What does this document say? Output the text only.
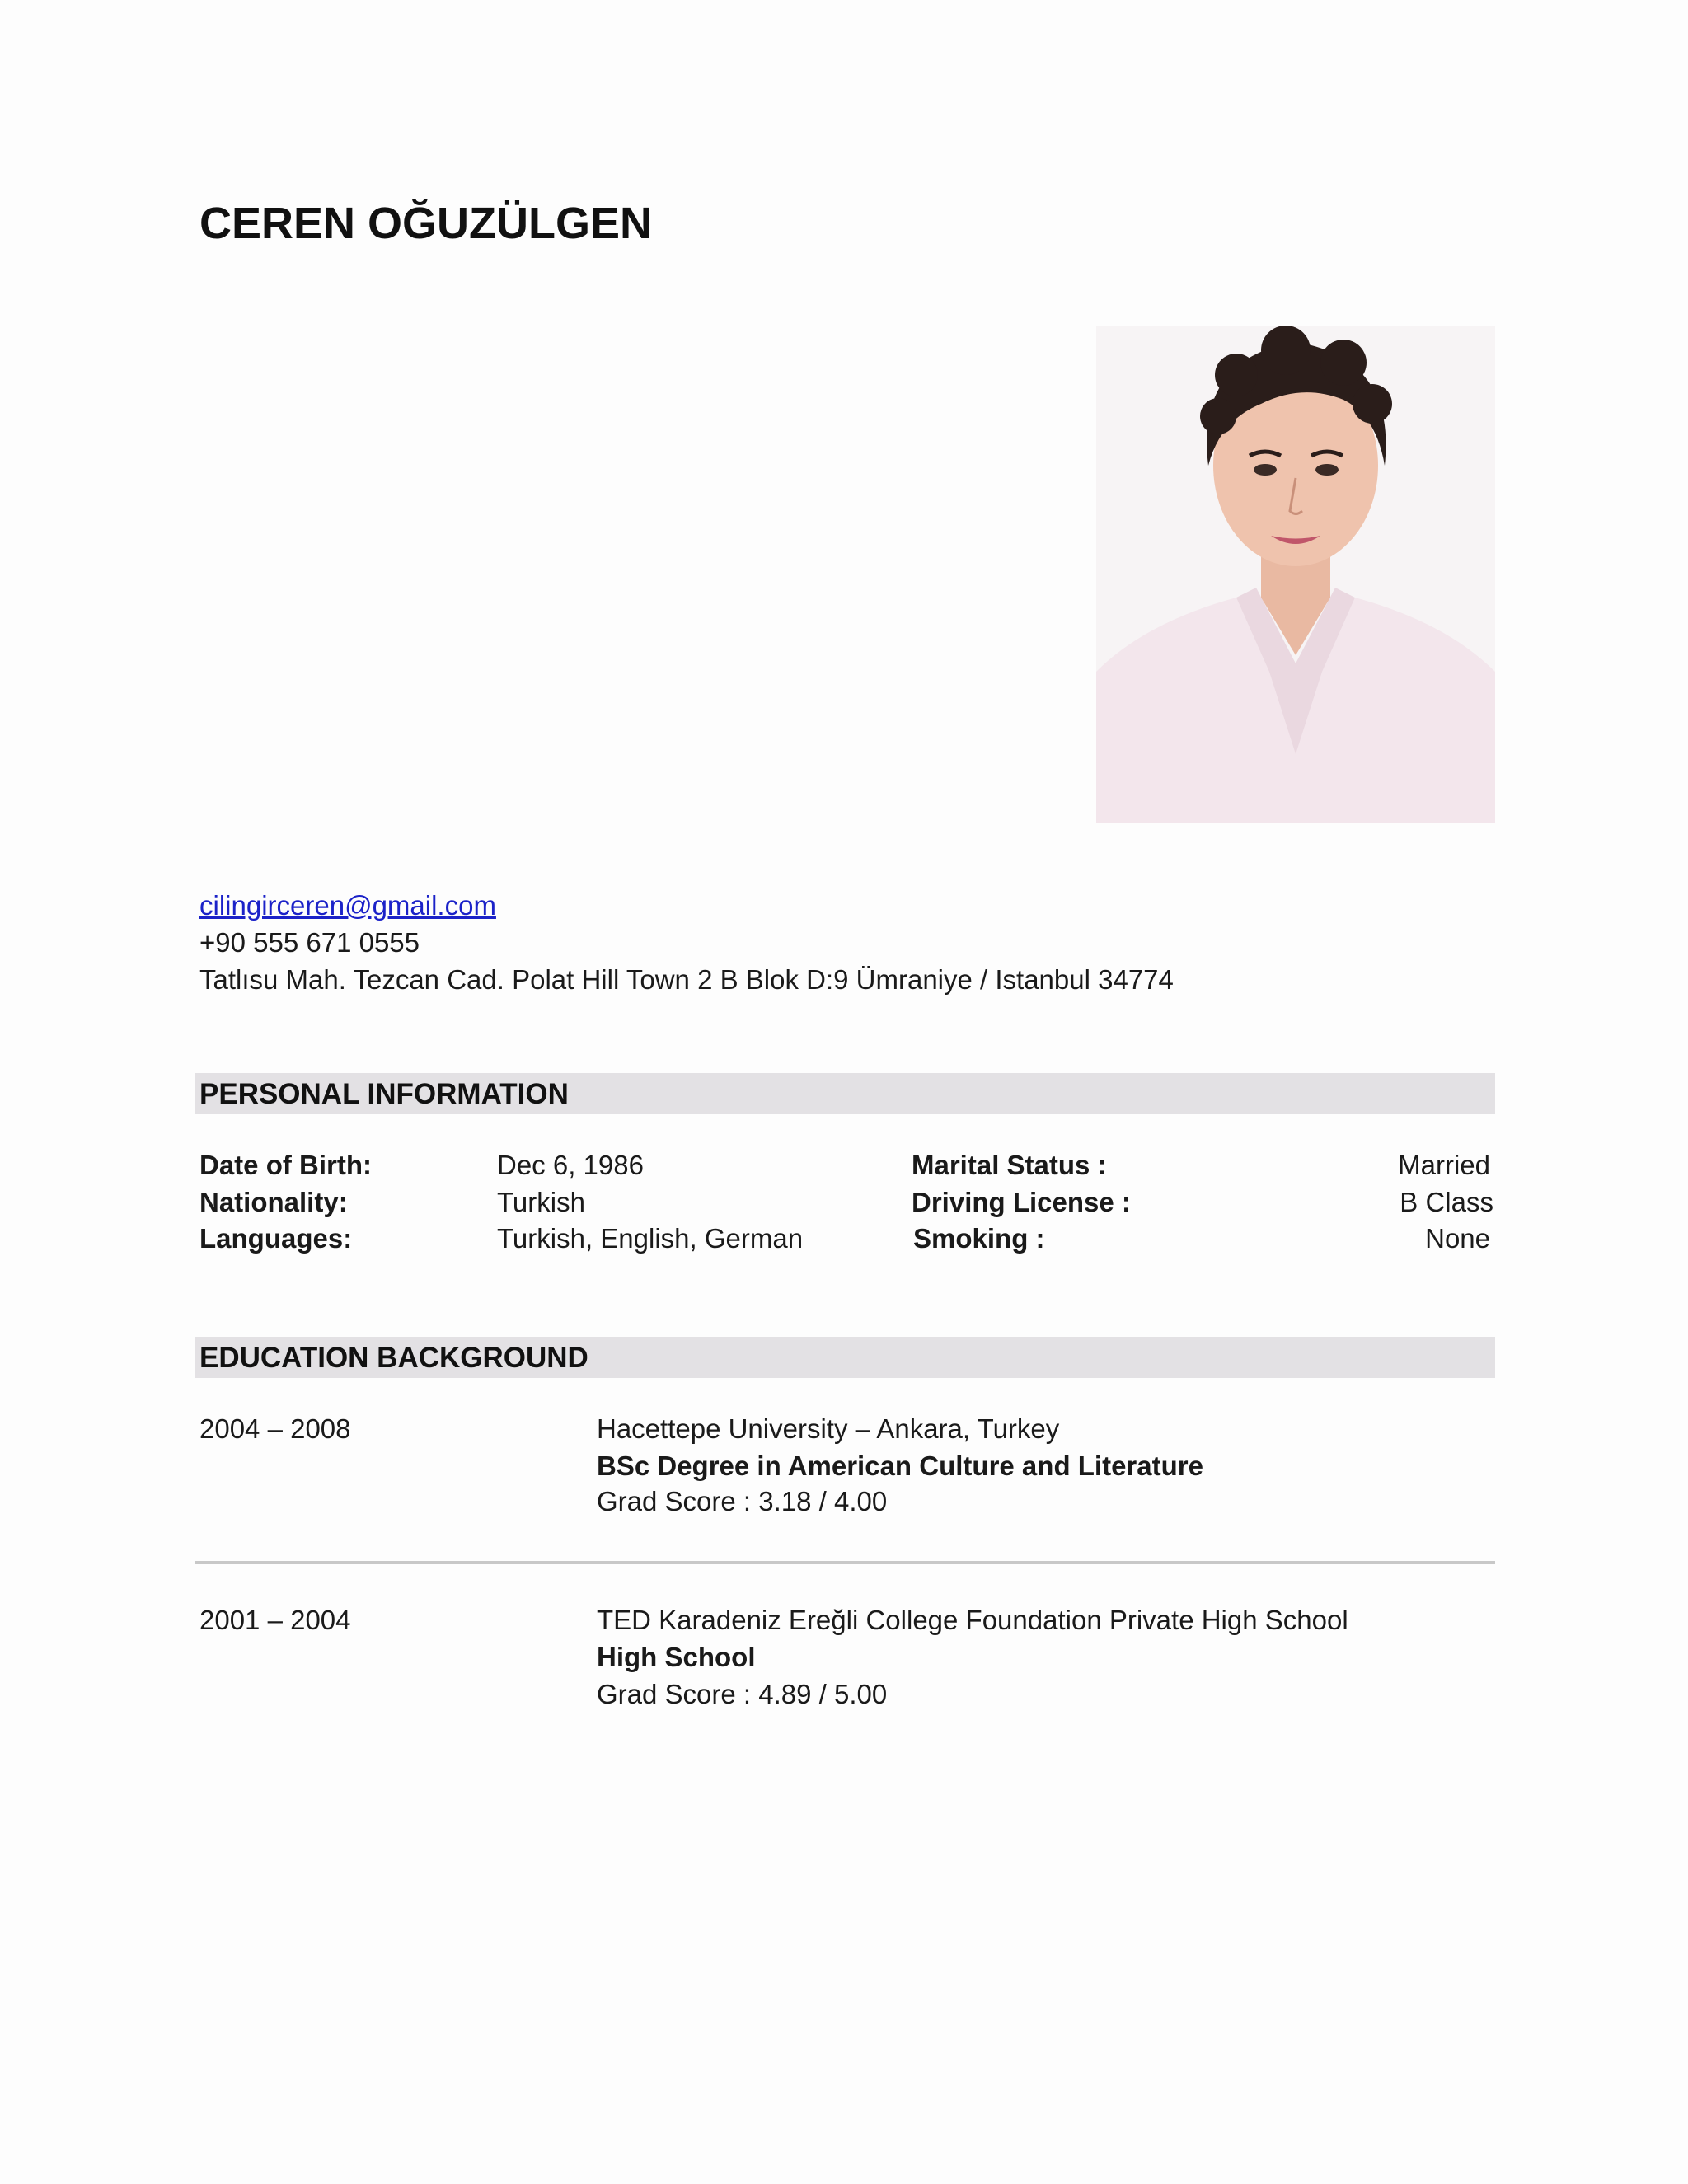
CEREN OĞUZÜLGEN
cilingirceren@gmail.com
+90 555 671 0555
Tatlısu Mah. Tezcan Cad. Polat Hill Town 2 B Blok D:9 Ümraniye / Istanbul 34774
PERSONAL INFORMATION
Date of Birth:	Dec 6, 1986
Nationality:	Turkish
Languages:	Turkish, English, German
Marital Status :	Married
Driving License :	B Class
Smoking :	None
EDUCATION BACKGROUND
2004 – 2008	Hacettepe University – Ankara, Turkey
BSc Degree in American Culture and Literature
Grad Score : 3.18 / 4.00
2001 – 2004	TED Karadeniz Ereğli College Foundation Private High School
High School
Grad Score : 4.89 / 5.00
